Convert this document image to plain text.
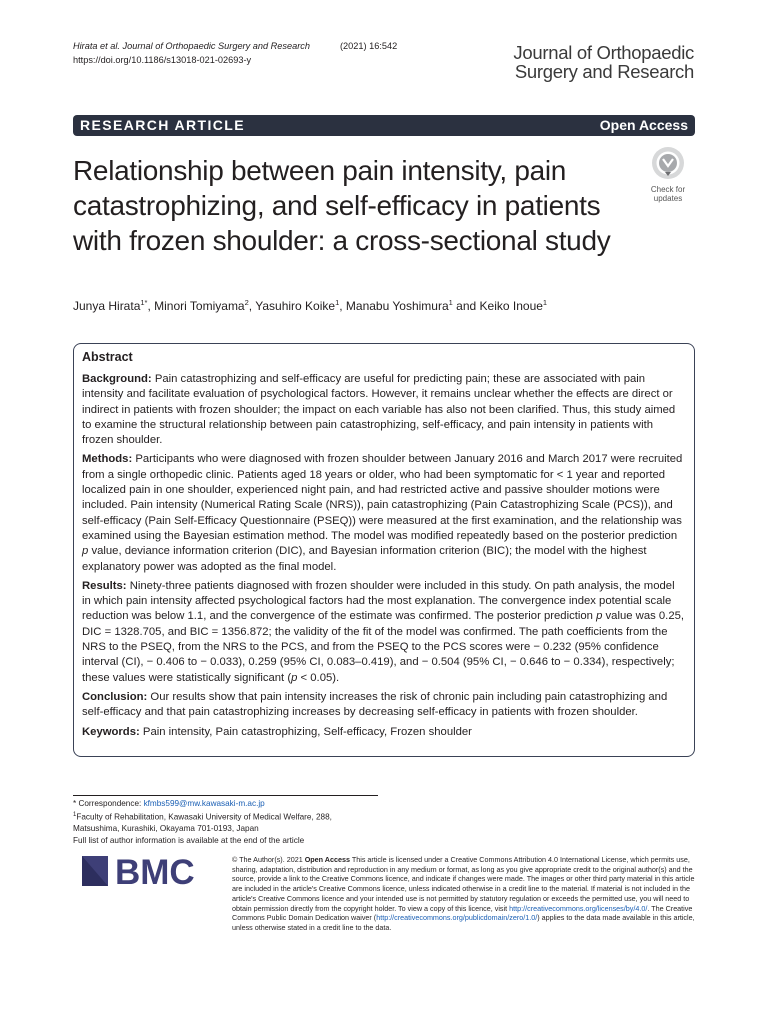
Hirata et al. Journal of Orthopaedic Surgery and Research	(2021) 16:542
https://doi.org/10.1186/s13018-021-02693-y	Journal of Orthopaedic
Surgery and Research
RESEARCH ARTICLE	Open Access
Relationship between pain intensity, pain catastrophizing, and self-efficacy in patients with frozen shoulder: a cross-sectional study
Check for
updates
Junya Hirata$^{1*}$, Minori Tomiyama$^2$, Yasuhiro Koike$^1$, Manabu Yoshimura$^1$ and Keiko Inoue$^1$
Abstract

Background: Pain catastrophizing and self-efficacy are useful for predicting pain; these are associated with pain intensity and facilitate evaluation of psychological factors. However, it remains unclear whether the effects are direct or indirect in patients with frozen shoulder; the impact on each variable has also not been clarified. Thus, this study aimed to examine the structural relationship between pain catastrophizing, self-efficacy, and pain intensity in patients with frozen shoulder.

Methods: Participants who were diagnosed with frozen shoulder between January 2016 and March 2017 were recruited from a single orthopedic clinic. Patients aged 18 years or older, who had been symptomatic for < 1 year and reported localized pain in one shoulder, experienced night pain, and had restricted active and passive shoulder motions were included. Pain intensity (Numerical Rating Scale (NRS)), pain catastrophizing (Pain Catastrophizing Scale (PCS)), and self-efficacy (Pain Self-Efficacy Questionnaire (PSEQ)) were measured at the first examination, and the relationship was examined using the Bayesian estimation method. The model was modified repeatedly based on the posterior prediction p value, deviance information criterion (DIC), and Bayesian information criterion (BIC); the model with the highest explanatory power was adopted as the final model.

Results: Ninety-three patients diagnosed with frozen shoulder were included in this study. On path analysis, the model in which pain intensity affected psychological factors had the most explanation. The convergence index potential scale reduction was below 1.1, and the convergence of the estimate was confirmed. The posterior prediction p value was 0.25, DIC = 1328.705, and BIC = 1356.872; the validity of the fit of the model was confirmed. The path coefficients from the NRS to the PSEQ, from the NRS to the PCS, and from the PSEQ to the PCS scores were − 0.232 (95% confidence interval (CI), − 0.406 to − 0.033), 0.259 (95% CI, 0.083–0.419), and − 0.504 (95% CI, − 0.646 to − 0.334), respectively; these values were statistically significant (p < 0.05).

Conclusion: Our results show that pain intensity increases the risk of chronic pain including pain catastrophizing and self-efficacy and that pain catastrophizing increases by decreasing self-efficacy in patients with frozen shoulder.

Keywords: Pain intensity, Pain catastrophizing, Self-efficacy, Frozen shoulder

* Correspondence: kfmbs599@mw.kawasaki-m.ac.jp
$^1$Faculty of Rehabilitation, Kawasaki University of Medical Welfare, 288, Matsushima, Kurashiki, Okayama 701-0193, Japan
Full list of author information is available at the end of the article
BMC	© The Author(s). 2021 Open Access This article is licensed under a Creative Commons Attribution 4.0 International License, which permits use, sharing, adaptation, distribution and reproduction in any medium or format, as long as you give appropriate credit to the original author(s) and the source, provide a link to the Creative Commons licence, and indicate if changes were made. The images or other third party material in this article are included in the article's Creative Commons licence, unless indicated otherwise in a credit line to the material. If material is not included in the article's Creative Commons licence and your intended use is not permitted by statutory regulation or exceeds the permitted use, you will need to obtain permission directly from the copyright holder. To view a copy of this licence, visit http://creativecommons.org/licenses/by/4.0/. The Creative Commons Public Domain Dedication waiver (http://creativecommons.org/publicdomain/zero/1.0/) applies to the data made available in this article, unless otherwise stated in a credit line to the data.
